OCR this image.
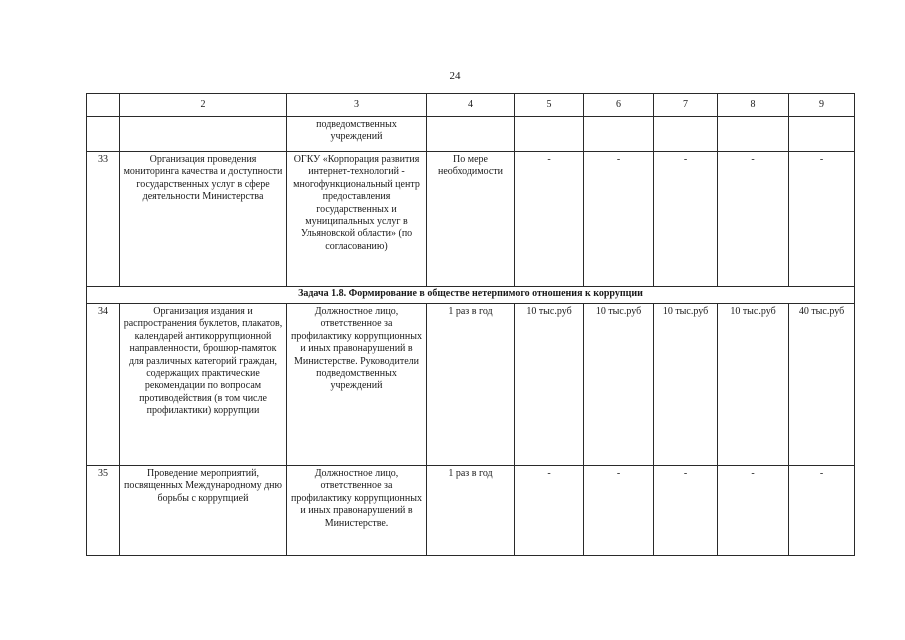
24
	2	3	4	5	6	7	8	9
		подведомственных учреждений						
33	Организация проведения мониторинга качества и доступности государственных услуг в сфере деятельности Министерства	ОГКУ «Корпорация развития интернет-технологий - многофункциональный центр предоставления государственных и муниципальных услуг в Ульяновской области» (по согласованию)	По мере необходимости	-	-	-	-	-
Задача 1.8. Формирование в обществе нетерпимого отношения к коррупции								
34	Организация издания и распространения буклетов, плакатов, календарей антикоррупционной направленности, брошюр-памяток для различных категорий граждан, содержащих практические рекомендации по вопросам противодействия (в том числе профилактики) коррупции	Должностное лицо, ответственное за профилактику коррупционных и иных правонарушений в Министерстве. Руководители подведомственных учреждений	1 раз в год	10 тыс.руб	10 тыс.руб	10 тыс.руб	10 тыс.руб	40 тыс.руб
35	Проведение мероприятий, посвященных Международному дню борьбы с коррупцией	Должностное лицо, ответственное за профилактику коррупционных и иных правонарушений в Министерстве.	1 раз в год	-	-	-	-	-
